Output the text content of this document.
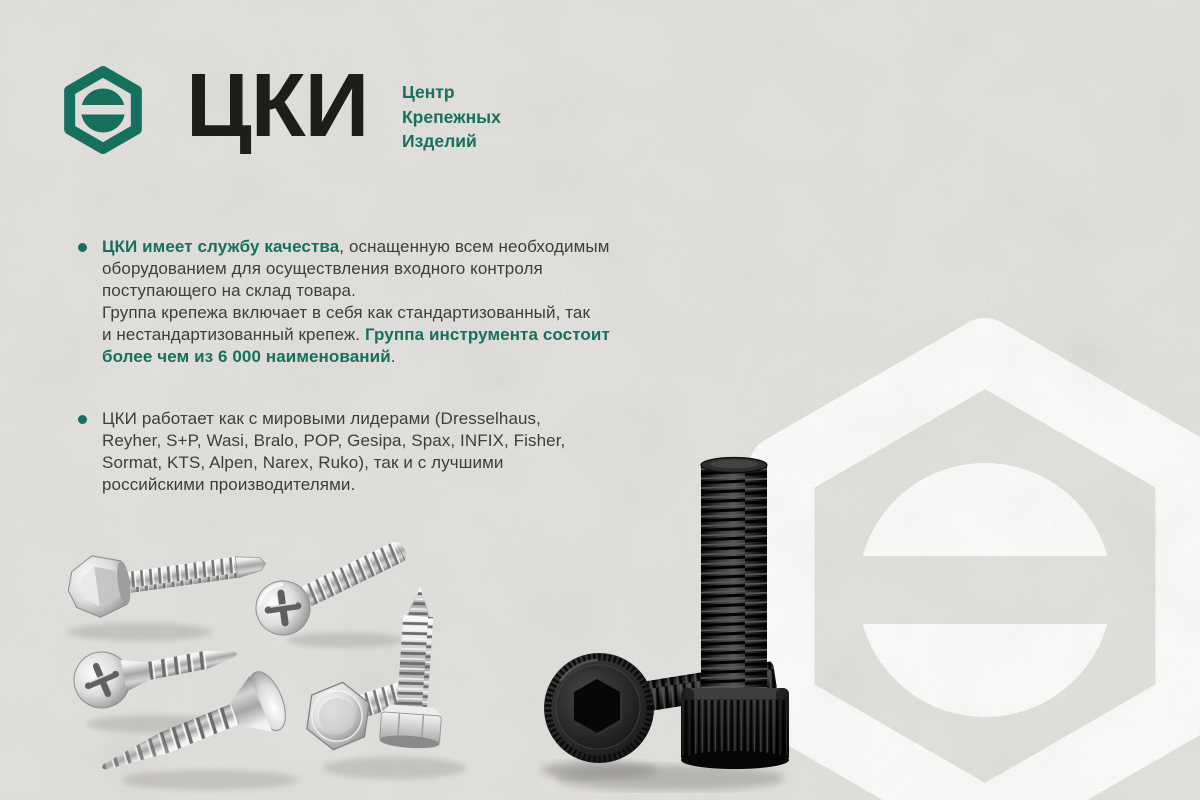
ЦКИ Центр
Крепежных
Изделий
ЦКИ имеет службу качества, оснащенную всем необходимым
оборудованием для осуществления входного контроля
поступающего на склад товара.
Группа крепежа включает в себя как стандартизованный, так
и нестандартизованный крепеж. Группа инструмента состоит
более чем из 6 000 наименований.
ЦКИ работает как с мировыми лидерами (Dresselhaus,
Reyher, S+P, Wasi, Bralo, POP, Gesipa, Spax, INFIX, Fisher,
Sormat, KTS, Alpen, Narex, Ruko), так и с лучшими
российскими производителями.
